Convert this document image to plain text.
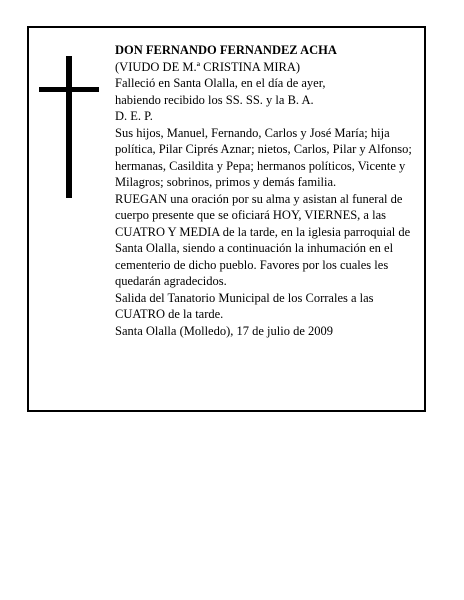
DON FERNANDO FERNANDEZ ACHA

(VIUDO DE M.ª CRISTINA MIRA)

Falleció en Santa Olalla, en el día de ayer,

habiendo recibido los SS. SS. y la B. A.

D. E. P.

Sus hijos, Manuel, Fernando, Carlos y José María; hija política, Pilar Ciprés Aznar; nietos, Carlos, Pilar y Alfonso; hermanas, Casildita y Pepa; hermanos políticos, Vicente y Milagros; sobrinos, primos y demás familia.

RUEGAN una oración por su alma y asistan al funeral de cuerpo presente que se oficiará HOY, VIERNES, a las CUATRO Y MEDIA de la tarde, en la iglesia parroquial de Santa Olalla, siendo a continuación la inhumación en el cementerio de dicho pueblo. Favores por los cuales les quedarán agradecidos.

Salida del Tanatorio Municipal de los Corrales a las CUATRO de la tarde.

Santa Olalla (Molledo), 17 de julio de 2009
